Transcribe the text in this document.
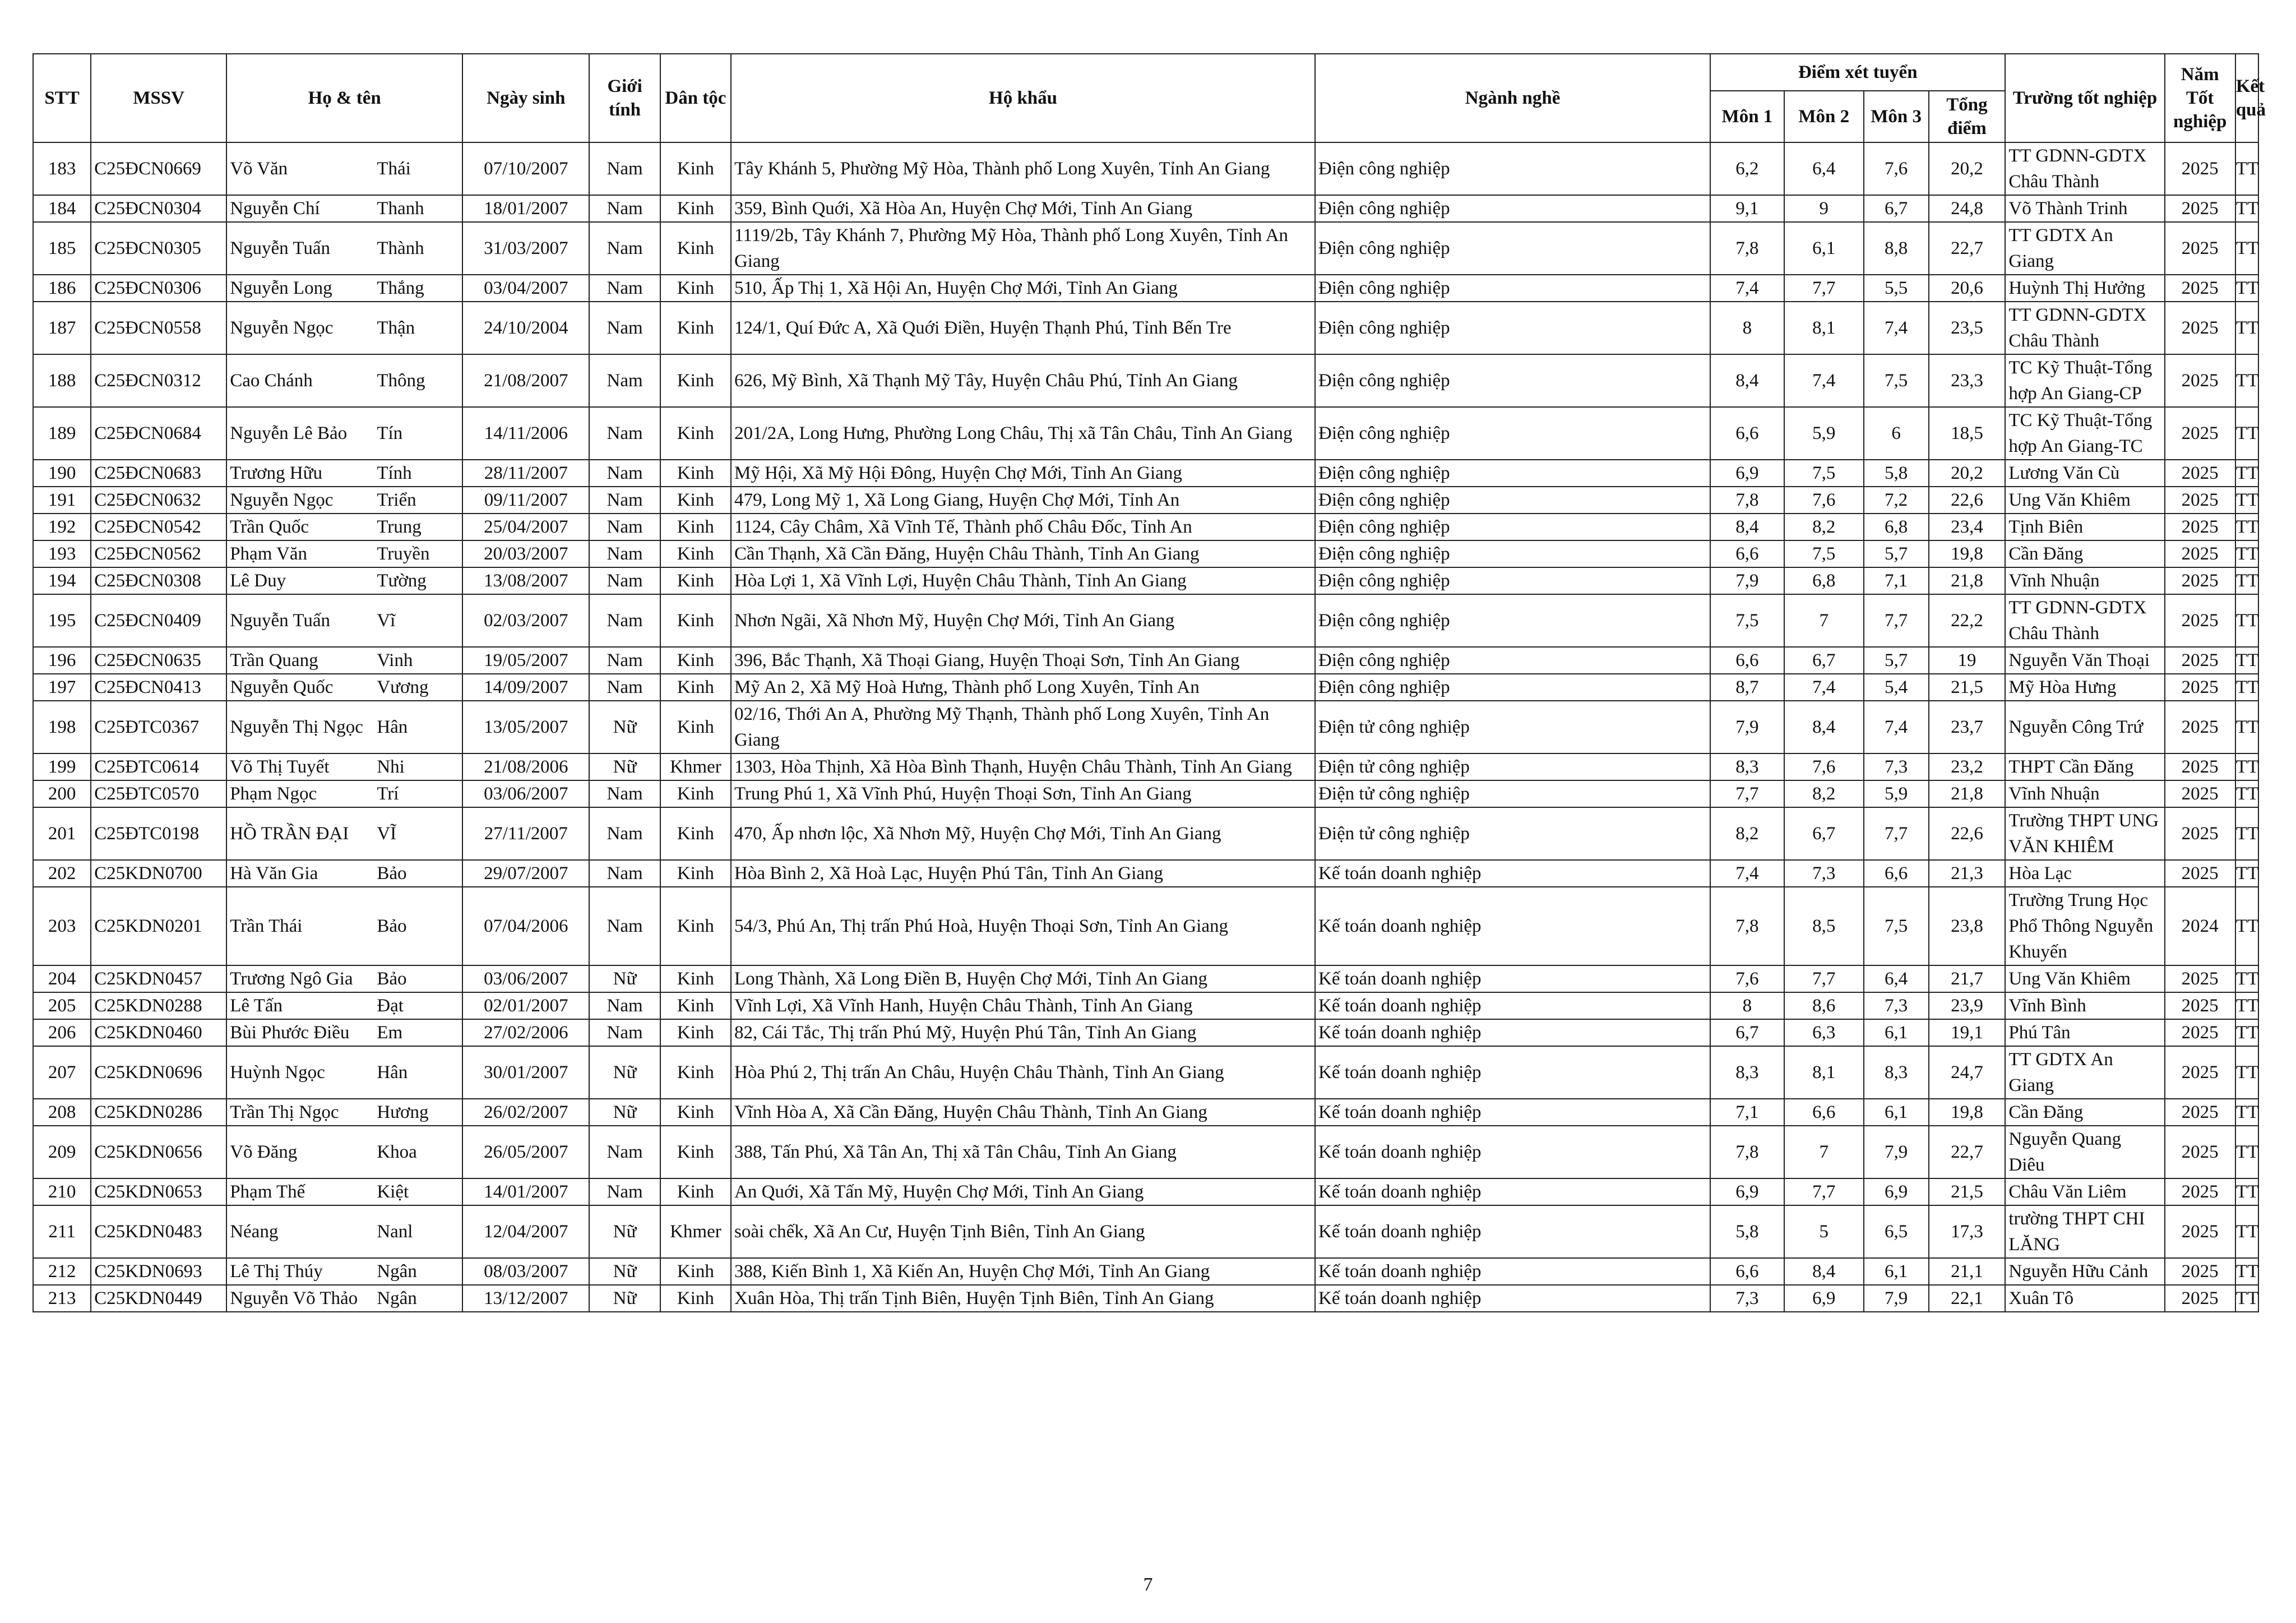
STT	MSSV	Họ & tên		Ngày sinh	Giới tính	Dân tộc	Hộ khẩu	Ngành nghề	Điểm xét tuyển				Trường tốt nghiệp	Năm Tốt nghiệp	Kết quả
									Môn 1	Môn 2	Môn 3	Tổng điểm			
183	C25ĐCN0669	Võ Văn	Thái	07/10/2007	Nam	Kinh	Tây Khánh 5, Phường Mỹ Hòa, Thành phố Long Xuyên, Tỉnh An Giang	Điện công nghiệp	6,2	6,4	7,6	20,2	TT GDNN-GDTX Châu Thành	2025	TT
184	C25ĐCN0304	Nguyễn Chí	Thanh	18/01/2007	Nam	Kinh	359, Bình Quới, Xã Hòa An, Huyện Chợ Mới, Tỉnh An Giang	Điện công nghiệp	9,1	9	6,7	24,8	Võ Thành Trinh	2025	TT
185	C25ĐCN0305	Nguyễn Tuấn	Thành	31/03/2007	Nam	Kinh	1119/2b, Tây Khánh 7, Phường Mỹ Hòa, Thành phố Long Xuyên, Tỉnh An Giang	Điện công nghiệp	7,8	6,1	8,8	22,7	TT GDTX An Giang	2025	TT
186	C25ĐCN0306	Nguyễn Long	Thắng	03/04/2007	Nam	Kinh	510, Ấp Thị 1, Xã Hội An, Huyện Chợ Mới, Tỉnh An Giang	Điện công nghiệp	7,4	7,7	5,5	20,6	Huỳnh Thị Hưởng	2025	TT
187	C25ĐCN0558	Nguyễn Ngọc	Thận	24/10/2004	Nam	Kinh	124/1, Quí Đức A, Xã Quới Điền, Huyện Thạnh Phú, Tỉnh Bến Tre	Điện công nghiệp	8	8,1	7,4	23,5	TT GDNN-GDTX Châu Thành	2025	TT
188	C25ĐCN0312	Cao Chánh	Thông	21/08/2007	Nam	Kinh	626, Mỹ Bình, Xã Thạnh Mỹ Tây, Huyện Châu Phú, Tỉnh An Giang	Điện công nghiệp	8,4	7,4	7,5	23,3	TC Kỹ Thuật-Tổng hợp An Giang-CP	2025	TT
189	C25ĐCN0684	Nguyễn Lê Bảo	Tín	14/11/2006	Nam	Kinh	201/2A, Long Hưng, Phường Long Châu, Thị xã Tân Châu, Tỉnh An Giang	Điện công nghiệp	6,6	5,9	6	18,5	TC Kỹ Thuật-Tổng hợp An Giang-TC	2025	TT
190	C25ĐCN0683	Trương Hữu	Tính	28/11/2007	Nam	Kinh	Mỹ Hội, Xã Mỹ Hội Đông, Huyện Chợ Mới, Tỉnh An Giang	Điện công nghiệp	6,9	7,5	5,8	20,2	Lương Văn Cù	2025	TT
191	C25ĐCN0632	Nguyễn Ngọc	Triển	09/11/2007	Nam	Kinh	479, Long Mỹ 1, Xã Long Giang, Huyện Chợ Mới, Tỉnh An	Điện công nghiệp	7,8	7,6	7,2	22,6	Ung Văn Khiêm	2025	TT
192	C25ĐCN0542	Trần Quốc	Trung	25/04/2007	Nam	Kinh	1124, Cây Châm, Xã Vĩnh Tế, Thành phố Châu Đốc, Tỉnh An	Điện công nghiệp	8,4	8,2	6,8	23,4	Tịnh Biên	2025	TT
193	C25ĐCN0562	Phạm Văn	Truyền	20/03/2007	Nam	Kinh	Cần Thạnh, Xã Cần Đăng, Huyện Châu Thành, Tỉnh An Giang	Điện công nghiệp	6,6	7,5	5,7	19,8	Cần Đăng	2025	TT
194	C25ĐCN0308	Lê Duy	Tường	13/08/2007	Nam	Kinh	Hòa Lợi 1, Xã Vĩnh Lợi, Huyện Châu Thành, Tỉnh An Giang	Điện công nghiệp	7,9	6,8	7,1	21,8	Vĩnh Nhuận	2025	TT
195	C25ĐCN0409	Nguyễn Tuấn	Vĩ	02/03/2007	Nam	Kinh	Nhơn Ngãi, Xã Nhơn Mỹ, Huyện Chợ Mới, Tỉnh An Giang	Điện công nghiệp	7,5	7	7,7	22,2	TT GDNN-GDTX Châu Thành	2025	TT
196	C25ĐCN0635	Trần Quang	Vinh	19/05/2007	Nam	Kinh	396, Bắc Thạnh, Xã Thoại Giang, Huyện Thoại Sơn, Tỉnh An Giang	Điện công nghiệp	6,6	6,7	5,7	19	Nguyễn Văn Thoại	2025	TT
197	C25ĐCN0413	Nguyễn Quốc	Vương	14/09/2007	Nam	Kinh	Mỹ An 2, Xã Mỹ Hoà Hưng, Thành phố Long Xuyên, Tỉnh An	Điện công nghiệp	8,7	7,4	5,4	21,5	Mỹ Hòa Hưng	2025	TT
198	C25ĐTC0367	Nguyễn Thị Ngọc	Hân	13/05/2007	Nữ	Kinh	02/16, Thới An A, Phường Mỹ Thạnh, Thành phố Long Xuyên, Tỉnh An Giang	Điện tử công nghiệp	7,9	8,4	7,4	23,7	Nguyễn Công Trứ	2025	TT
199	C25ĐTC0614	Võ Thị Tuyết	Nhi	21/08/2006	Nữ	Khmer	1303, Hòa Thịnh, Xã Hòa Bình Thạnh, Huyện Châu Thành, Tỉnh An Giang	Điện tử công nghiệp	8,3	7,6	7,3	23,2	THPT Cần Đăng	2025	TT
200	C25ĐTC0570	Phạm Ngọc	Trí	03/06/2007	Nam	Kinh	Trung Phú 1, Xã Vĩnh Phú, Huyện Thoại Sơn, Tỉnh An Giang	Điện tử công nghiệp	7,7	8,2	5,9	21,8	Vĩnh Nhuận	2025	TT
201	C25ĐTC0198	HỒ TRẦN ĐẠI	VĨ	27/11/2007	Nam	Kinh	470, Ấp nhơn lộc, Xã Nhơn Mỹ, Huyện Chợ Mới, Tỉnh An Giang	Điện tử công nghiệp	8,2	6,7	7,7	22,6	Trường THPT UNG VĂN KHIÊM	2025	TT
202	C25KDN0700	Hà Văn Gia	Bảo	29/07/2007	Nam	Kinh	Hòa Bình 2, Xã Hoà Lạc, Huyện Phú Tân, Tỉnh An Giang	Kế toán doanh nghiệp	7,4	7,3	6,6	21,3	Hòa Lạc	2025	TT
203	C25KDN0201	Trần Thái	Bảo	07/04/2006	Nam	Kinh	54/3, Phú An, Thị trấn Phú Hoà, Huyện Thoại Sơn, Tỉnh An Giang	Kế toán doanh nghiệp	7,8	8,5	7,5	23,8	Trường Trung Học Phổ Thông Nguyễn Khuyến	2024	TT
204	C25KDN0457	Trương Ngô Gia	Bảo	03/06/2007	Nữ	Kinh	Long Thành, Xã Long Điền B, Huyện Chợ Mới, Tỉnh An Giang	Kế toán doanh nghiệp	7,6	7,7	6,4	21,7	Ung Văn Khiêm	2025	TT
205	C25KDN0288	Lê Tấn	Đạt	02/01/2007	Nam	Kinh	Vĩnh Lợi, Xã Vĩnh Hanh, Huyện Châu Thành, Tỉnh An Giang	Kế toán doanh nghiệp	8	8,6	7,3	23,9	Vĩnh Bình	2025	TT
206	C25KDN0460	Bùi Phước Điều	Em	27/02/2006	Nam	Kinh	82, Cái Tắc, Thị trấn Phú Mỹ, Huyện Phú Tân, Tỉnh An Giang	Kế toán doanh nghiệp	6,7	6,3	6,1	19,1	Phú Tân	2025	TT
207	C25KDN0696	Huỳnh Ngọc	Hân	30/01/2007	Nữ	Kinh	Hòa Phú 2, Thị trấn An Châu, Huyện Châu Thành, Tỉnh An Giang	Kế toán doanh nghiệp	8,3	8,1	8,3	24,7	TT GDTX An Giang	2025	TT
208	C25KDN0286	Trần Thị Ngọc	Hương	26/02/2007	Nữ	Kinh	Vĩnh Hòa A, Xã Cần Đăng, Huyện Châu Thành, Tỉnh An Giang	Kế toán doanh nghiệp	7,1	6,6	6,1	19,8	Cần Đăng	2025	TT
209	C25KDN0656	Võ Đăng	Khoa	26/05/2007	Nam	Kinh	388, Tấn Phú, Xã Tân An, Thị xã Tân Châu, Tỉnh An Giang	Kế toán doanh nghiệp	7,8	7	7,9	22,7	Nguyễn Quang Diêu	2025	TT
210	C25KDN0653	Phạm Thế	Kiệt	14/01/2007	Nam	Kinh	An Quới, Xã Tấn Mỹ, Huyện Chợ Mới, Tỉnh An Giang	Kế toán doanh nghiệp	6,9	7,7	6,9	21,5	Châu Văn Liêm	2025	TT
211	C25KDN0483	Néang	Nanl	12/04/2007	Nữ	Khmer	soài chếk, Xã An Cư, Huyện Tịnh Biên, Tỉnh An Giang	Kế toán doanh nghiệp	5,8	5	6,5	17,3	trường THPT CHI LĂNG	2025	TT
212	C25KDN0693	Lê Thị Thúy	Ngân	08/03/2007	Nữ	Kinh	388, Kiến Bình 1, Xã Kiến An, Huyện Chợ Mới, Tỉnh An Giang	Kế toán doanh nghiệp	6,6	8,4	6,1	21,1	Nguyễn Hữu Cảnh	2025	TT
213	C25KDN0449	Nguyễn Võ Thảo	Ngân	13/12/2007	Nữ	Kinh	Xuân Hòa, Thị trấn Tịnh Biên, Huyện Tịnh Biên, Tỉnh An Giang	Kế toán doanh nghiệp	7,3	6,9	7,9	22,1	Xuân Tô	2025	TT
7
